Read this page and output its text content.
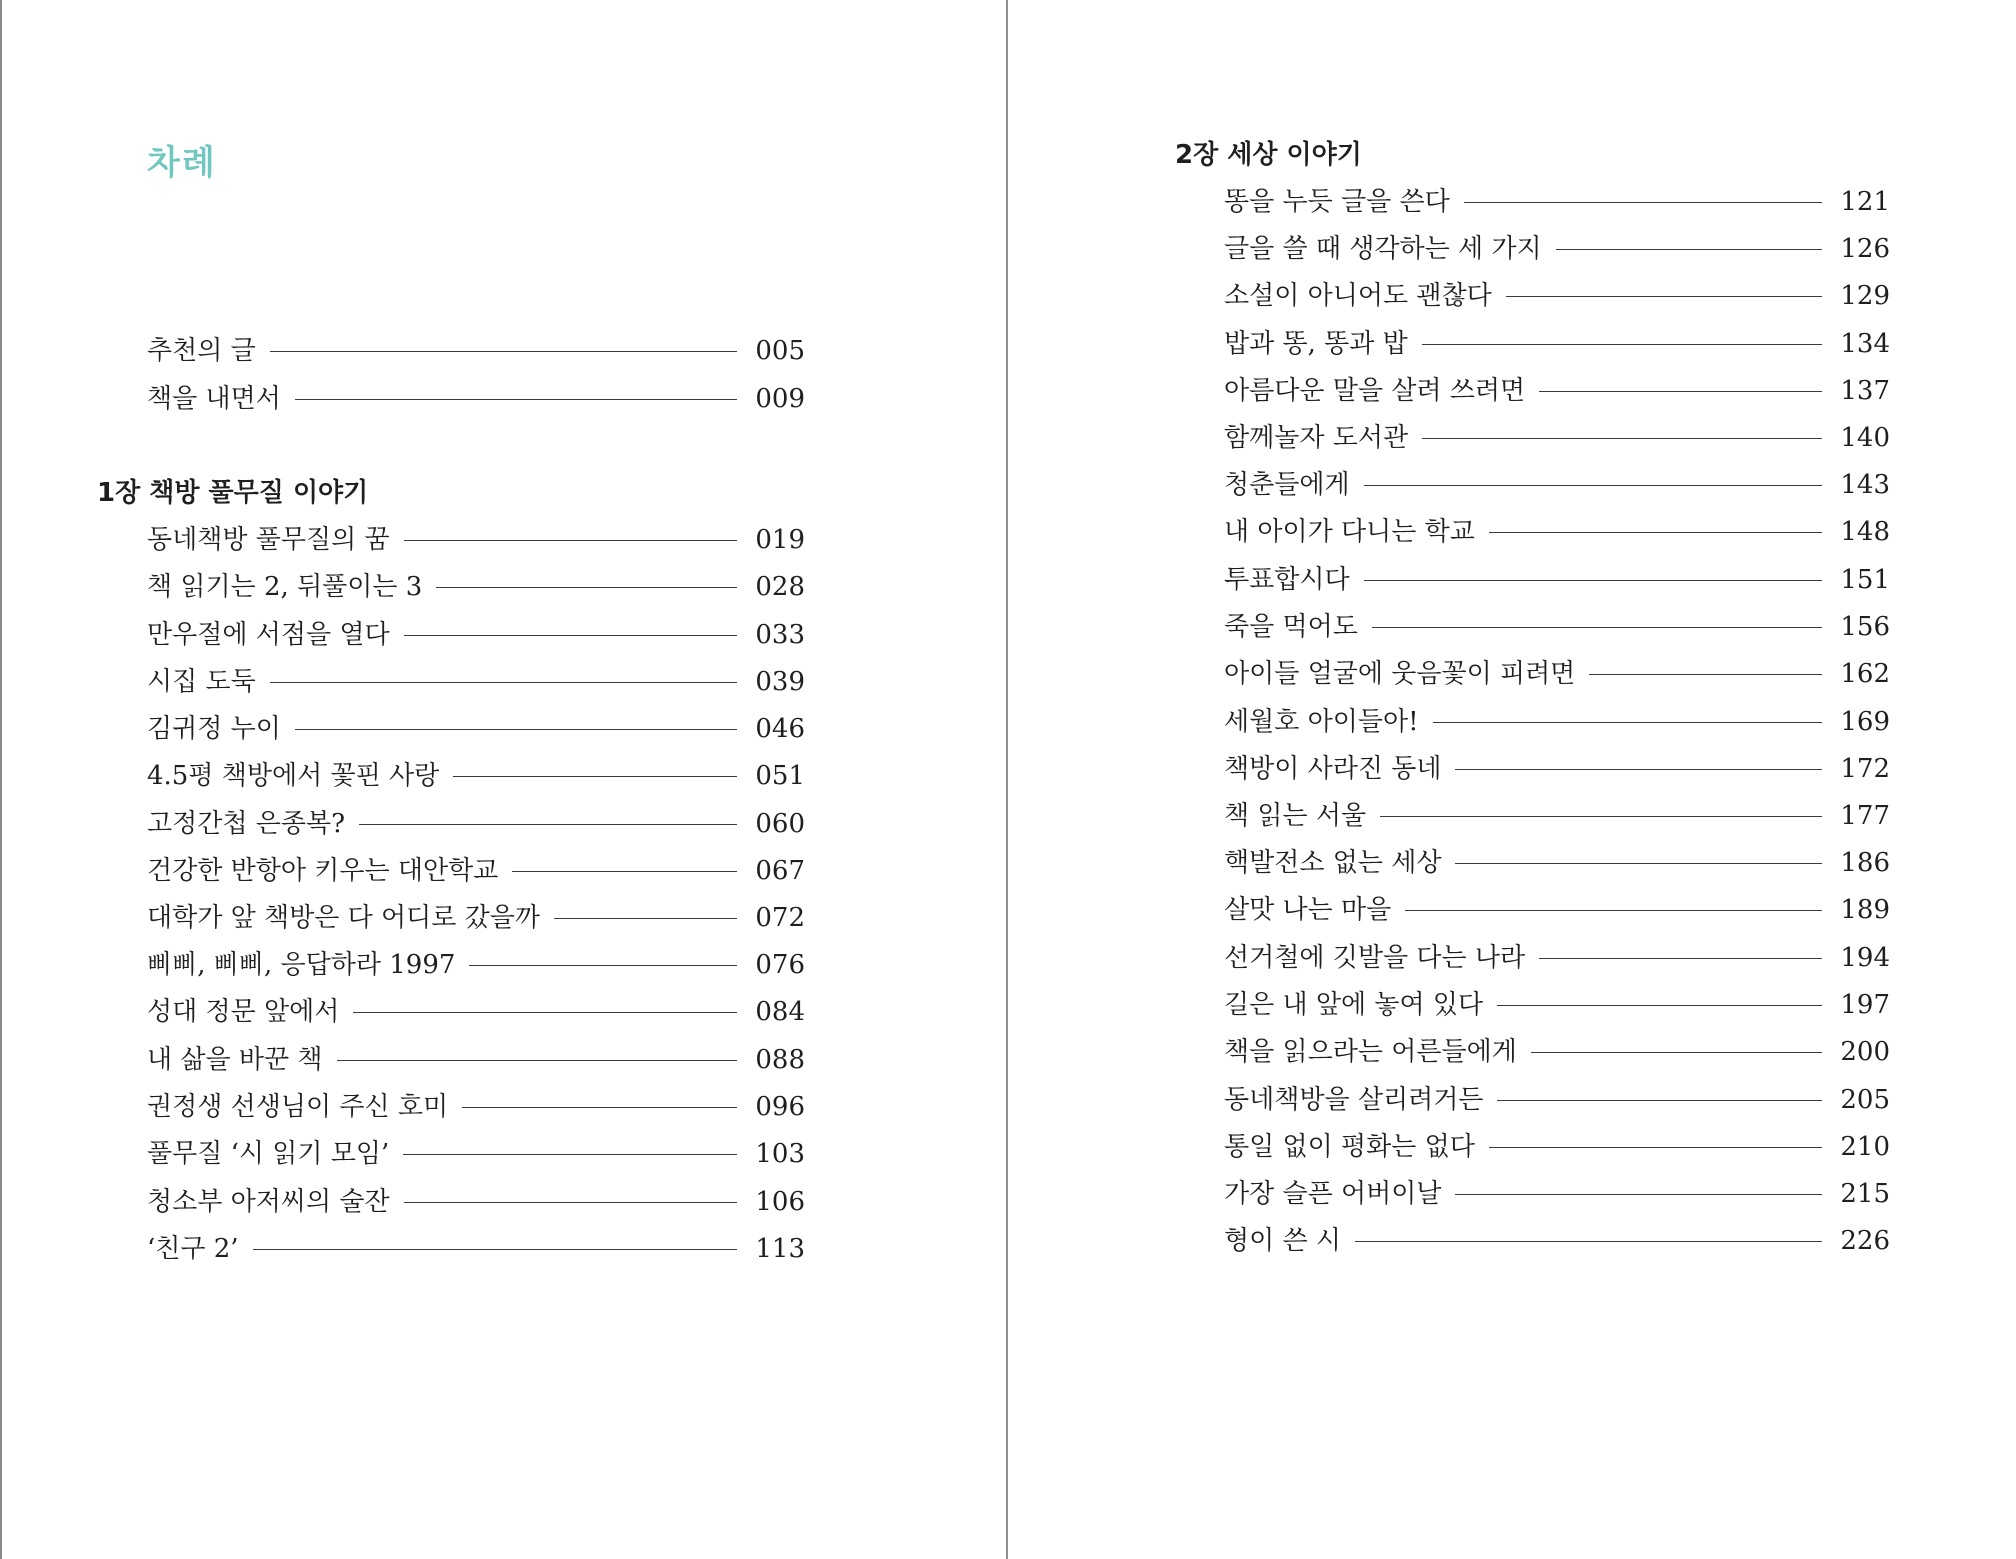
차례
추천의 글	005
책을 내면서	009
1장 책방 풀무질 이야기
동네책방 풀무질의 꿈	019
책 읽기는 2, 뒤풀이는 3	028
만우절에 서점을 열다	033
시집 도둑	039
김귀정 누이	046
4.5평 책방에서 꽃핀 사랑	051
고정간첩 은종복?	060
건강한 반항아 키우는 대안학교	067
대학가 앞 책방은 다 어디로 갔을까	072
삐삐, 삐삐, 응답하라 1997	076
성대 정문 앞에서	084
내 삶을 바꾼 책	088
권정생 선생님이 주신 호미	096
풀무질 ‘시 읽기 모임’	103
청소부 아저씨의 술잔	106
‘친구 2’	113
2장 세상 이야기
똥을 누듯 글을 쓴다	121
글을 쓸 때 생각하는 세 가지	126
소설이 아니어도 괜찮다	129
밥과 똥, 똥과 밥	134
아름다운 말을 살려 쓰려면	137
함께놀자 도서관	140
청춘들에게	143
내 아이가 다니는 학교	148
투표합시다	151
죽을 먹어도	156
아이들 얼굴에 웃음꽃이 피려면	162
세월호 아이들아!	169
책방이 사라진 동네	172
책 읽는 서울	177
핵발전소 없는 세상	186
살맛 나는 마을	189
선거철에 깃발을 다는 나라	194
길은 내 앞에 놓여 있다	197
책을 읽으라는 어른들에게	200
동네책방을 살리려거든	205
통일 없이 평화는 없다	210
가장 슬픈 어버이날	215
형이 쓴 시	226
